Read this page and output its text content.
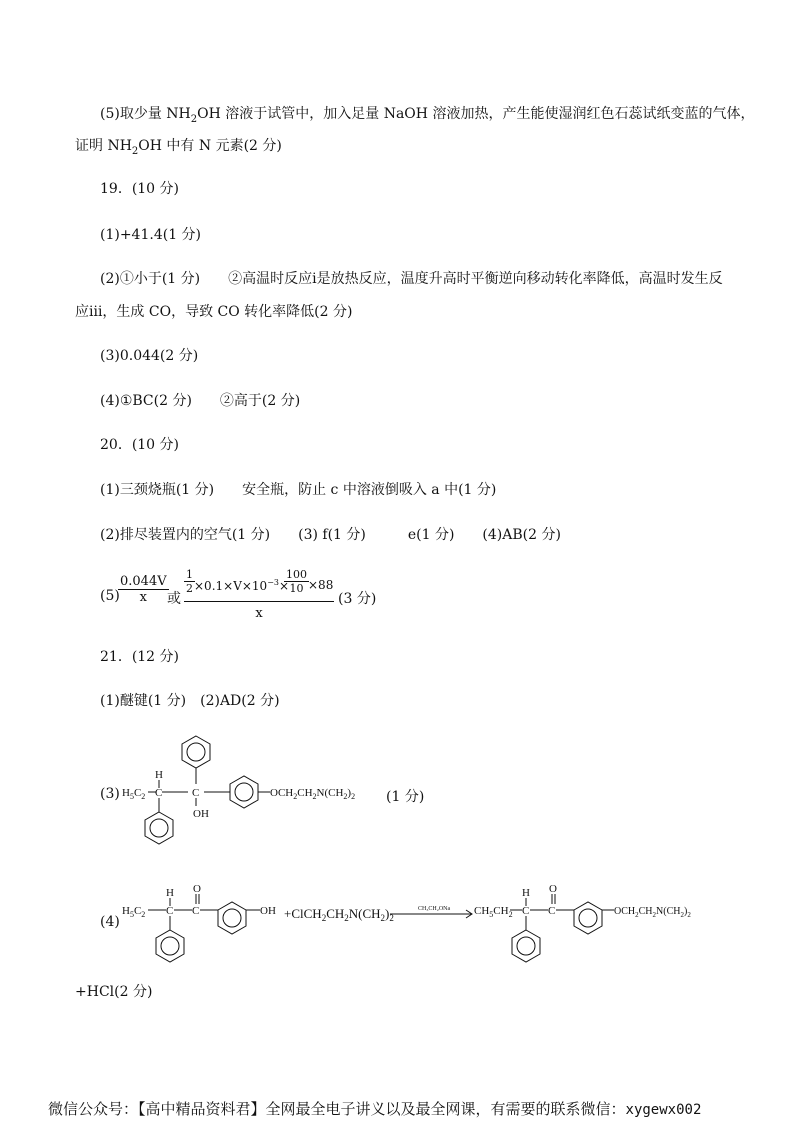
(5)取少量 $NH_2OH$ 溶液于试管中，加入足量 NaOH 溶液加热，产生能使湿润红色石蕊试纸变蓝的气体，
证明 $NH_2OH$ 中有 N 元素(2 分)
19．(10 分)
(1)+41.4(1 分)
(2)①小于(1 分)　　②高温时反应ⅰ是放热反应，温度升高时平衡逆向移动转化率降低，高温时发生反
应ⅲ，生成 CO，导致 CO 转化率降低(2 分)
(3)0.044(2 分)
(4)①BC(2 分)　　②高于(2 分)
20．(10 分)
(1)三颈烧瓶(1 分)　　安全瓶，防止 c 中溶液倒吸入 a 中(1 分)
(2)排尽装置内的空气(1 分)　　(3) f(1 分)　　　e(1 分)　　(4)AB(2 分)
(5)
$\frac{0.044V}{x}$
或
$\frac{1}{2} \times 0.1\times V\times 10^{-3}\times$
$\frac{100}{10} \times 88$
x
(3 分)
21．(12 分)
(1)醚键(1 分)　(2)AD(2 分)
(3)
H
C
C
OH
$H_5C_2$	$OCH_2CH_2N(CH_2)_2$ (1 分)
(4)
H
C C
O
OH
$H_5C_2$	$+ClCH_2CH_2N(CH_2)_2$
CH₃CH₂ONa
H
C
C
O
$CH_5CH_2$	$OCH_2CH_2N(CH_2)_2$
+HCl(2 分)
微信公众号：【高中精品资料君】全网最全电子讲义以及最全网课，有需要的联系微信：xygewx002
